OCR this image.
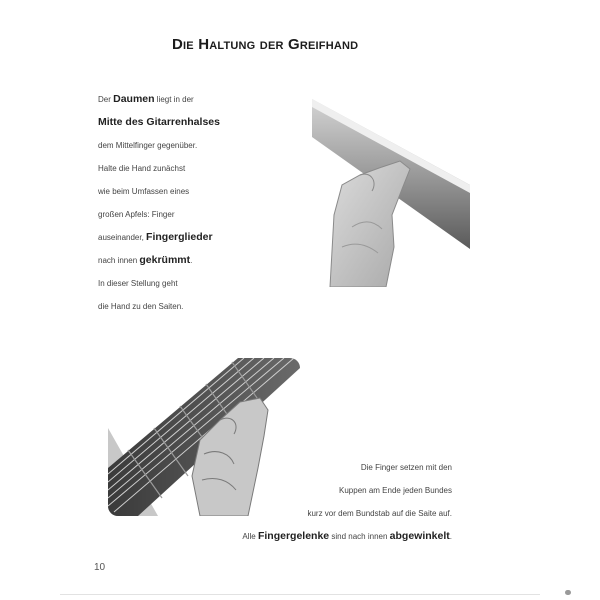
Die Haltung der Greifhand
Der Daumen liegt in der
Mitte des Gitarrenhalses
dem Mittelfinger gegenüber.
Halte die Hand zunächst
wie beim Umfassen eines
großen Apfels: Finger
auseinander, Fingerglieder
nach innen gekrümmt.
In dieser Stellung geht
die Hand zu den Saiten.
Die Finger setzen mit den
Kuppen am Ende jeden Bundes
kurz vor dem Bundstab auf die Saite auf.
Alle Fingergelenke sind nach innen abgewinkelt.
10
